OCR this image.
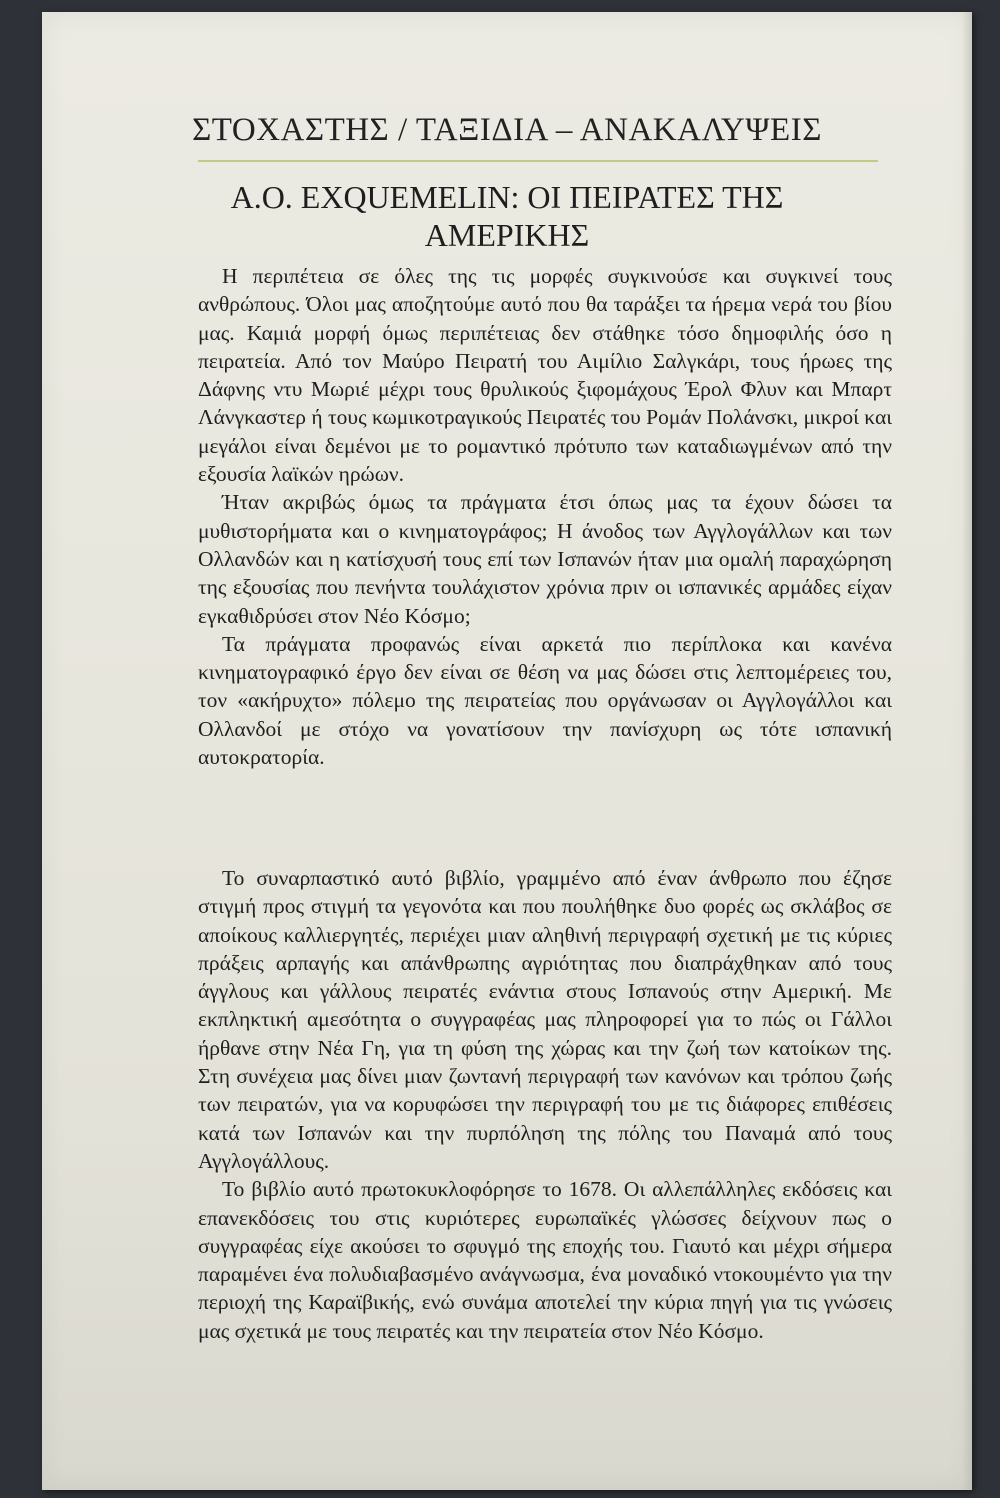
ΣΤΟΧΑΣΤΗΣ / ΤΑΞΙΔΙΑ – ΑΝΑΚΑΛΥΨΕΙΣ
Α.Ο. EXQUEMELIN: ΟΙ ΠΕΙΡΑΤΕΣ ΤΗΣ
ΑΜΕΡΙΚΗΣ

Η περιπέτεια σε όλες της τις μορφές συγκινούσε και συγκινεί τους ανθρώπους. Όλοι μας αποζητούμε αυτό που θα ταράξει τα ήρεμα νερά του βίου μας. Καμιά μορφή όμως περιπέτειας δεν στάθηκε τόσο δημοφιλής όσο η πειρατεία. Από τον Μαύρο Πειρατή του Αιμίλιο Σαλγκάρι, τους ήρωες της Δάφνης ντυ Μωριέ μέχρι τους θρυλικούς ξιφομάχους Έρολ Φλυν και Μπαρτ Λάνγκαστερ ή τους κωμικοτραγικούς Πειρατές του Ρομάν Πολάνσκι, μικροί και μεγάλοι είναι δεμένοι με το ρομαντικό πρότυπο των καταδιωγμένων από την εξουσία λαϊκών ηρώων.

Ήταν ακριβώς όμως τα πράγματα έτσι όπως μας τα έχουν δώσει τα μυθιστορήματα και ο κινηματογράφος; Η άνοδος των Αγγλογάλλων και των Ολλανδών και η κατίσχυσή τους επί των Ισπανών ήταν μια ομαλή παραχώρηση της εξουσίας που πενήντα τουλάχιστον χρόνια πριν οι ισπανικές αρμάδες είχαν εγκαθιδρύσει στον Νέο Κόσμο;

Τα πράγματα προφανώς είναι αρκετά πιο περίπλοκα και κανένα κινηματογραφικό έργο δεν είναι σε θέση να μας δώσει στις λεπτομέρειες του, τον «ακήρυχτο» πόλεμο της πειρατείας που οργάνωσαν οι Αγγλογάλλοι και Ολλανδοί με στόχο να γονατίσουν την πανίσχυρη ως τότε ισπανική αυτοκρατορία.

Το συναρπαστικό αυτό βιβλίο, γραμμένο από έναν άνθρωπο που έζησε στιγμή προς στιγμή τα γεγονότα και που πουλήθηκε δυο φορές ως σκλάβος σε αποίκους καλλιεργητές, περιέχει μιαν αληθινή περιγραφή σχετική με τις κύριες πράξεις αρπαγής και απάνθρωπης αγριότητας που διαπράχθηκαν από τους άγγλους και γάλλους πειρατές ενάντια στους Ισπανούς στην Αμερική. Με εκπληκτική αμεσότητα ο συγγραφέας μας πληροφορεί για το πώς οι Γάλλοι ήρθανε στην Νέα Γη, για τη φύση της χώρας και την ζωή των κατοίκων της. Στη συνέχεια μας δίνει μιαν ζωντανή περιγραφή των κανόνων και τρόπου ζωής των πειρατών, για να κορυφώσει την περιγραφή του με τις διάφορες επιθέσεις κατά των Ισπανών και την πυρπόληση της πόλης του Παναμά από τους Αγγλογάλλους.

Το βιβλίο αυτό πρωτοκυκλοφόρησε το 1678. Οι αλλεπάλληλες εκδόσεις και επανεκδόσεις του στις κυριότερες ευρωπαϊκές γλώσσες δείχνουν πως ο συγγραφέας είχε ακούσει το σφυγμό της εποχής του. Γιαυτό και μέχρι σήμερα παραμένει ένα πολυδιαβασμένο ανάγνωσμα, ένα μοναδικό ντοκουμέντο για την περιοχή της Καραϊβικής, ενώ συνάμα αποτελεί την κύρια πηγή για τις γνώσεις μας σχετικά με τους πειρατές και την πειρατεία στον Νέο Κόσμο.
